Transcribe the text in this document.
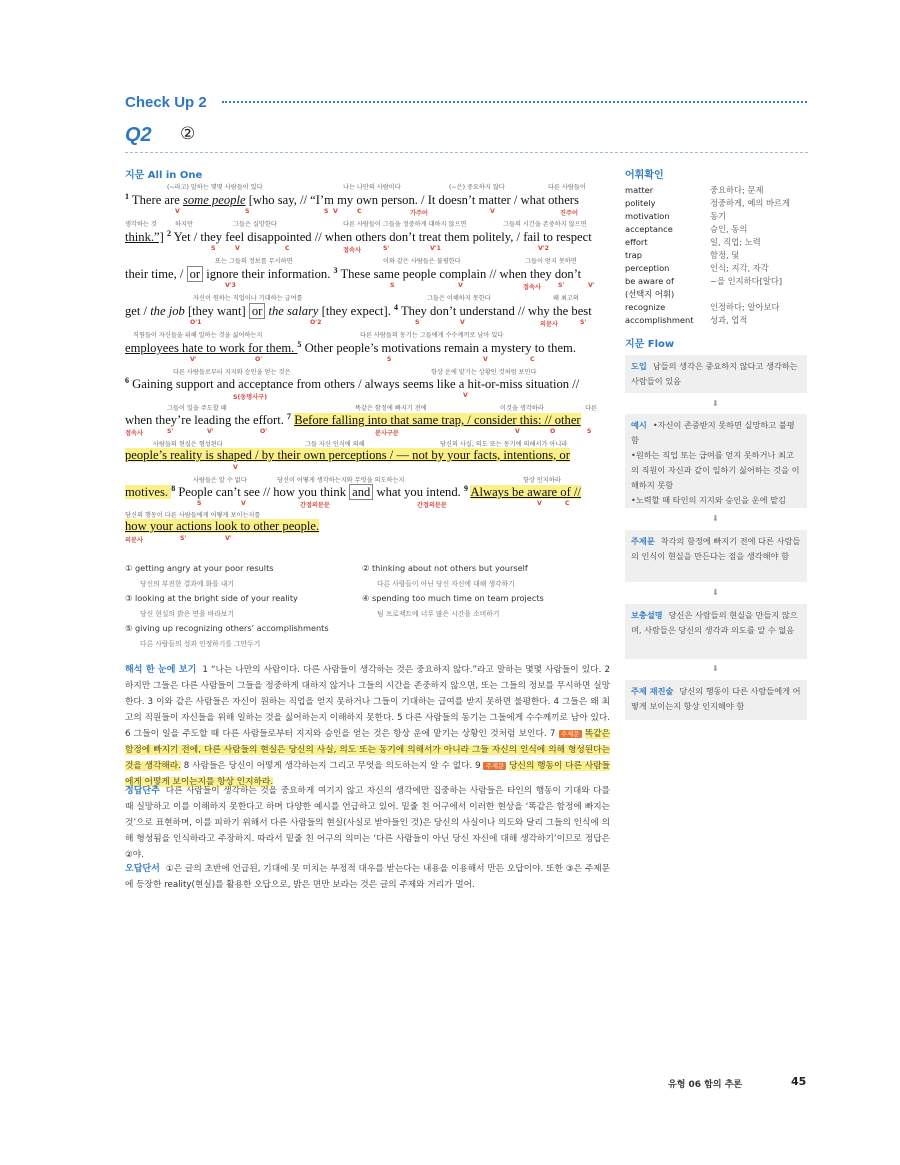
Check Up 2
Q2 ②
지문 All in One
(~라고) 말하는 몇몇 사람들이 있다	나는 나만의 사람이다	(~은) 중요하지 않다	다른 사람들이
$^1$ There are some people [who say, // “I’m my own person. / It doesn’t matter / what others
V	S	S V	C	가주어	V	진주어
생각하는 것	하지만	그들은 실망한다	다른 사람들이 그들을 정중하게 대하지 않으면	그들의 시간을 존중하지 않으면
think.”] $^2$ Yet / they feel disappointed // when others don’t treat them politely, / fail to respect
S	V	C	접속사	S'	V'1	V'2
또는 그들의 정보를 무시하면	이와 같은 사람들은 불평한다	그들이 얻지 못하면
their time, / or ignore their information. $^3$ These same people complain // when they don’t
V'3	S	V	접속사	S'	V'
자신이 원하는 직업이나 기대하는 급여를	그들은 이해하지 못한다	왜 최고의
get / the job [they want] or the salary [they expect]. $^4$ They don’t understand // why the best
O'1	O'2	S	V	의문사	S'
직원들이 자신들을 위해 일하는 것을 싫어하는지	다른 사람들의 동기는 그들에게 수수께끼로 남아 있다
employees hate to work for them. $^5$ Other people’s motivations remain a mystery to them.
V'	O'	S	V	C
다른 사람들로부터 지지와 승인을 얻는 것은	항상 운에 맡기는 상황인 것처럼 보인다
$^6$ Gaining support and acceptance from others / always seems like a hit-or-miss situation //
S(동명사구)	V
그들이 일을 주도할 때	똑같은 함정에 빠지기 전에	이것을 생각하라	다른
when they’re leading the effort. $^7$ Before falling into that same trap, / consider this: // other
접속사	S'	V'	O'	분사구문	V	O	S
사람들의 현실은 형성된다	그들 자신 인식에 의해	당신의 사실, 의도 또는 동기에 의해서가 아니라
people’s reality is shaped / by their own perceptions / — not by your facts, intentions, or
V
사람들은 알 수 없다	당신이 어떻게 생각하는지와 무엇을 의도하는지	항상 인지하라
motives. $^8$ People can’t see // how you think and what you intend. $^9$ Always be aware of //
S	V	간접의문문	간접의문문	V	C
당신의 행동이 다른 사람들에게 어떻게 보이는지를
how your actions look to other people.
의문사	S'	V'
① getting angry at your poor results
당신의 부진한 결과에 화를 내기
② thinking about not others but yourself
다른 사람들이 아닌 당신 자신에 대해 생각하기
③ looking at the bright side of your reality
당신 현실의 밝은 면을 바라보기
④ spending too much time on team projects
팀 프로젝트에 너무 많은 시간을 소비하기
⑤ giving up recognizing others’ accomplishments
다른 사람들의 성과 인정하기를 그만두기
해석 한 눈에 보기 1 “나는 나만의 사람이다. 다른 사람들이 생각하는 것은 중요하지 않다.”라고 말하는 몇몇 사람들이 있다. 2 하지만 그들은 다른 사람들이 그들을 정중하게 대하지 않거나 그들의 시간을 존중하지 않으면, 또는 그들의 정보를 무시하면 실망한다. 3 이와 같은 사람들은 자신이 원하는 직업을 얻지 못하거나 그들이 기대하는 급여를 받지 못하면 불평한다. 4 그들은 왜 최고의 직원들이 자신들을 위해 일하는 것을 싫어하는지 이해하지 못한다. 5 다른 사람들의 동기는 그들에게 수수께끼로 남아 있다. 6 그들이 일을 주도할 때 다른 사람들로부터 지지와 승인을 얻는 것은 항상 운에 맡기는 상황인 것처럼 보인다. 7 주제문 똑같은 함정에 빠지기 전에, 다른 사람들의 현실은 당신의 사실, 의도 또는 동기에 의해서가 아니라 그들 자신의 인식에 의해 형성된다는 것을 생각해라. 8 사람들은 당신이 어떻게 생각하는지 그리고 무엇을 의도하는지 알 수 없다. 9 주제문 당신의 행동이 다른 사람들에게 어떻게 보이는지를 항상 인지하라.
정답단추 다른 사람들이 생각하는 것을 중요하게 여기지 않고 자신의 생각에만 집중하는 사람들은 타인의 행동이 기대와 다를 때 실망하고 이를 이해하지 못한다고 하며 다양한 예시를 언급하고 있어. 밑줄 친 어구에서 이러한 현상을 ‘똑같은 함정에 빠지는 것’으로 표현하며, 이를 피하기 위해서 다른 사람들의 현실(사실로 받아들인 것)은 당신의 사실이나 의도와 달리 그들의 인식에 의해 형성됨을 인식하라고 주장하지. 따라서 밑줄 친 어구의 의미는 ‘다른 사람들이 아닌 당신 자신에 대해 생각하기’이므로 정답은 ②야.
오답단서 ①은 글의 초반에 언급된, 기대에 못 미치는 부정적 대우를 받는다는 내용을 이용해서 만든 오답이야. 또한 ③은 주제문에 등장한 reality(현실)를 활용한 오답으로, 밝은 면만 보라는 것은 글의 주제와 거리가 멀어.
어휘확인
matter	중요하다; 문제
politely	정중하게, 예의 바르게
motivation	동기
acceptance	승인, 동의
effort	일, 직업; 노력
trap	함정, 덫
perception	인식; 지각, 자각
be aware of	~을 인지하다[알다]
(선택지 어휘)
recognize	인정하다; 알아보다
accomplishment	성과, 업적
지문 Flow
도입 남들의 생각은 중요하지 않다고 생각하는 사람들이 있음
⬇
예시 •자신이 존중받지 못하면 실망하고 불평함
•원하는 직업 또는 급여를 얻지 못하거나 최고의 직원이 자신과 같이 일하기 싫어하는 것을 이해하지 못함
•노력할 때 타인의 지지와 승인을 운에 맡김
⬇
주제문 착각의 함정에 빠지기 전에 다른 사람들의 인식이 현실을 만든다는 점을 생각해야 함
⬇
보충설명 당신은 사람들의 현실을 만들지 않으며, 사람들은 당신의 생각과 의도를 알 수 없음
⬇
주제 재진술 당신의 행동이 다른 사람들에게 어떻게 보이는지 항상 인지해야 함
유형 06 함의 추론	45
